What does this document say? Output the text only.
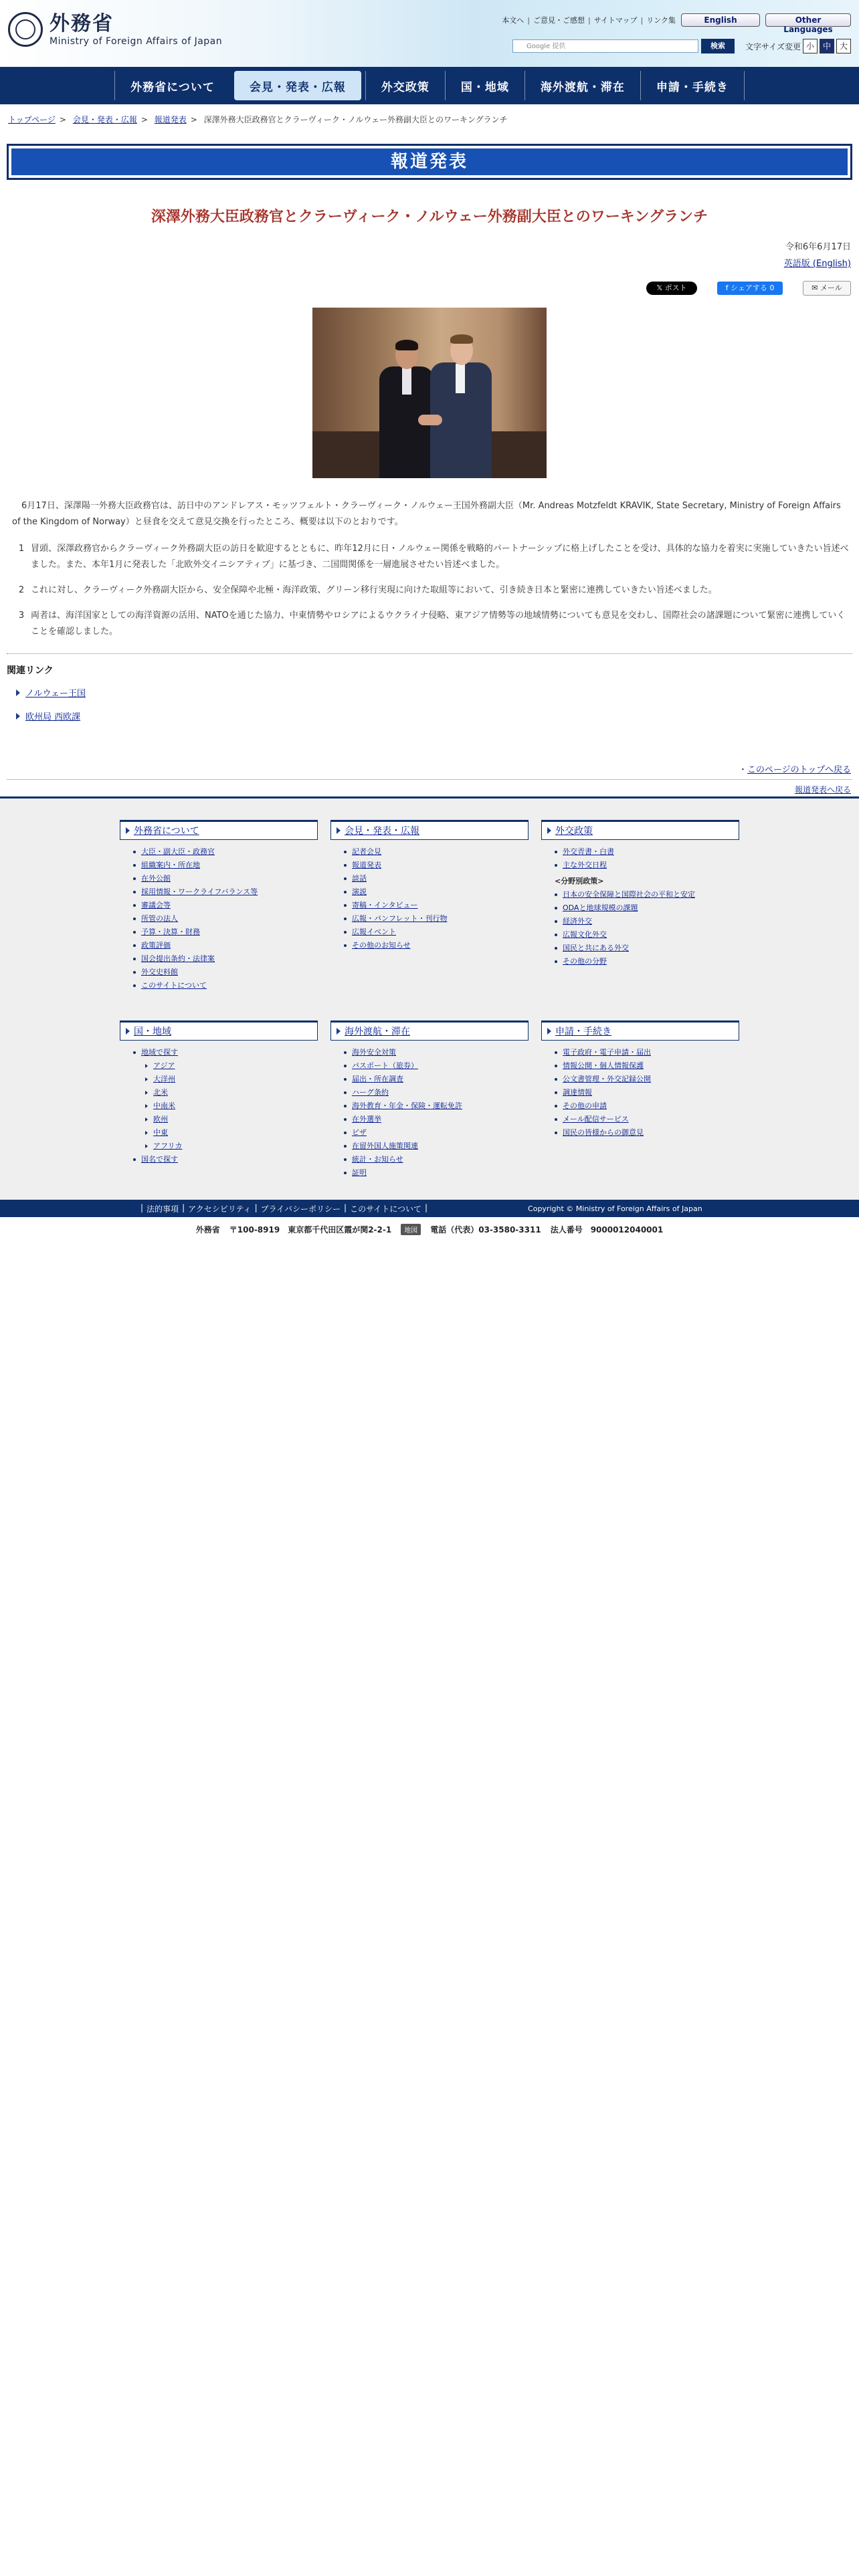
外務省
Ministry of Foreign Affairs of Japan
本文へ | ご意見・ご感想 | サイトマップ | リンク集	English	Other Languages
Google 提供	検索	文字サイズ変更 小	中	大
外務省について	会見・発表・広報	外交政策	国・地域	海外渡航・滞在	申請・手続き
トップページ > 会見・発表・広報 > 報道発表 > 深澤外務大臣政務官とクラーヴィーク・ノルウェー外務副大臣とのワーキングランチ
報道発表
深澤外務大臣政務官とクラーヴィーク・ノルウェー外務副大臣とのワーキングランチ
令和6年6月17日
英語版 (English)
𝕏 ポスト	f シェアする 0	✉ メール

6月17日、深澤陽一外務大臣政務官は、訪日中のアンドレアス・モッツフェルト・クラーヴィーク・ノルウェー王国外務副大臣（Mr. Andreas Motzfeldt KRAVIK, State Secretary, Ministry of Foreign Affairs of the Kingdom of Norway）と昼食を交えて意見交換を行ったところ、概要は以下のとおりです。

1 冒頭、深澤政務官からクラーヴィーク外務副大臣の訪日を歓迎するとともに、昨年12月に日・ノルウェー関係を戦略的パートナーシップに格上げしたことを受け、具体的な協力を着実に実施していきたい旨述べました。また、本年1月に発表した「北欧外交イニシアティブ」に基づき、二国間関係を一層進展させたい旨述べました。
2 これに対し、クラーヴィーク外務副大臣から、安全保障や北極・海洋政策、グリーン移行実現に向けた取組等において、引き続き日本と緊密に連携していきたい旨述べました。
3 両者は、海洋国家としての海洋資源の活用、NATOを通じた協力、中東情勢やロシアによるウクライナ侵略、東アジア情勢等の地域情勢についても意見を交わし、国際社会の諸課題について緊密に連携していくことを確認しました。
関連リンク
ノルウェー王国
欧州局 西欧課
・このページのトップへ戻る
報道発表へ戻る
外務省について
大臣・副大臣・政務官
組織案内・所在地
在外公館
採用情報・ワークライフバランス等
審議会等
所管の法人
予算・決算・財務
政策評価
国会提出条約・法律案
外交史料館
このサイトについて
会見・発表・広報
記者会見
報道発表
談話
演説
寄稿・インタビュー
広報・パンフレット・刊行物
広報イベント
その他のお知らせ
外交政策
外交青書・白書
主な外交日程
<分野別政策>
日本の安全保障と国際社会の平和と安定
ODAと地球規模の課題
経済外交
広報文化外交
国民と共にある外交
その他の分野
国・地域
地域で探す
アジア
大洋州
北米
中南米
欧州
中東
アフリカ
国名で探す
海外渡航・滞在
海外安全対策
パスポート（旅券）
届出・所在調査
ハーグ条約
海外教育・年金・保険・運転免許
在外選挙
ビザ
在留外国人施策関連
統計・お知らせ
証明
申請・手続き
電子政府・電子申請・届出
情報公開・個人情報保護
公文書管理・外交記録公開
調達情報
その他の申請
メール配信サービス
国民の皆様からの御意見
| 法的事項 | アクセシビリティ | プライバシーポリシー | このサイトについて |	Copyright © Ministry of Foreign Affairs of Japan
外務省 〒100-8919　東京都千代田区霞が関2-2-1	地図	電話（代表）03-3580-3311 法人番号　9000012040001
